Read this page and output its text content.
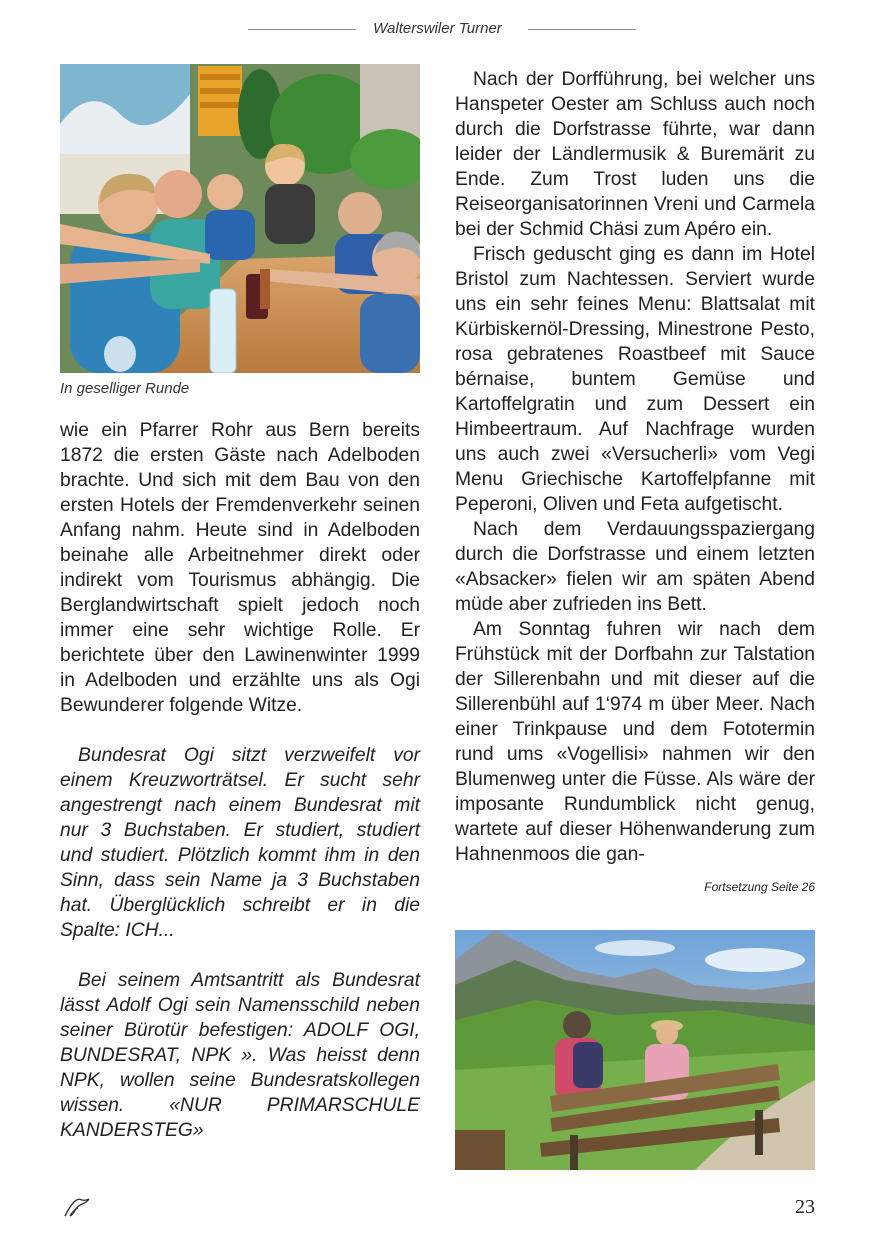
Walterswiler Turner
In geselliger Runde

wie ein Pfarrer Rohr aus Bern bereits 1872 die ersten Gäste nach Adelboden brachte. Und sich mit dem Bau von den ersten Hotels der Fremdenverkehr seinen Anfang nahm. Heute sind in Adelboden beinahe alle Arbeitnehmer direkt oder indirekt vom Tourismus abhängig. Die Berglandwirtschaft spielt jedoch noch immer eine sehr wichtige Rolle. Er berichtete über den Lawinenwinter 1999 in Adelboden und erzählte uns als Ogi Bewunderer folgende Witze.

Bundesrat Ogi sitzt verzweifelt vor einem Kreuzworträtsel. Er sucht sehr angestrengt nach einem Bundesrat mit nur 3 Buchstaben. Er studiert, studiert und studiert. Plötzlich kommt ihm in den Sinn, dass sein Name ja 3 Buchstaben hat. Überglücklich schreibt er in die Spalte: ICH...

Bei seinem Amtsantritt als Bundesrat lässt Adolf Ogi sein Namensschild neben seiner Bürotür befestigen: ADOLF OGI, BUNDESRAT, NPK ». Was heisst denn NPK, wollen seine Bundesratskollegen wissen. «NUR PRIMARSCHULE KANDERSTEG»

Nach der Dorfführung, bei welcher uns Hanspeter Oester am Schluss auch noch durch die Dorfstrasse führte, war dann leider der Ländlermusik & Buremärit zu Ende. Zum Trost luden uns die Reiseorganisatorinnen Vreni und Carmela bei der Schmid Chäsi zum Apéro ein.

Frisch geduscht ging es dann im Hotel Bristol zum Nachtessen. Serviert wurde uns ein sehr feines Menu: Blattsalat mit Kürbiskernöl-Dressing, Minestrone Pesto, rosa gebratenes Roastbeef mit Sauce bérnaise, buntem Gemüse und Kartoffelgratin und zum Dessert ein Himbeertraum. Auf Nachfrage wurden uns auch zwei «Versucherli» vom Vegi Menu Griechische Kartoffelpfanne mit Peperoni, Oliven und Feta aufgetischt.

Nach dem Verdauungsspaziergang durch die Dorfstrasse und einem letzten «Absacker» fielen wir am späten Abend müde aber zufrieden ins Bett.

Am Sonntag fuhren wir nach dem Frühstück mit der Dorfbahn zur Talstation der Sillerenbahn und mit dieser auf die Sillerenbühl auf 1‘974 m über Meer. Nach einer Trinkpause und dem Fototermin rund ums «Vogellisi» nahmen wir den Blumenweg unter die Füsse. Als wäre der imposante Rundumblick nicht genug, wartete auf dieser Höhenwanderung zum Hahnenmoos die gan-

Fortsetzung Seite 26
23
